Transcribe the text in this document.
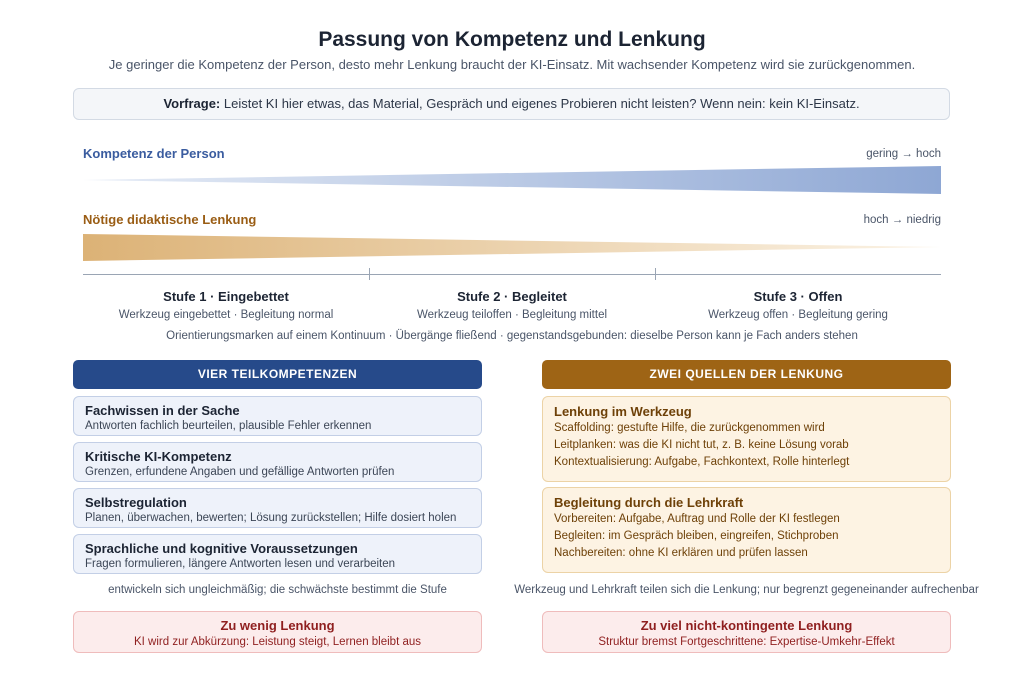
Passung von Kompetenz und Lenkung
Je geringer die Kompetenz der Person, desto mehr Lenkung braucht der KI-Einsatz. Mit wachsender Kompetenz wird sie zurückgenommen.
Vorfrage: Leistet KI hier etwas, das Material, Gespräch und eigenes Probieren nicht leisten? Wenn nein: kein KI-Einsatz.
Kompetenz der Person	gering → hoch
Nötige didaktische Lenkung	hoch → niedrig
Stufe 1 · Eingebettet
Werkzeug eingebettet · Begleitung normal
Stufe 2 · Begleitet
Werkzeug teiloffen · Begleitung mittel
Stufe 3 · Offen
Werkzeug offen · Begleitung gering
Orientierungsmarken auf einem Kontinuum · Übergänge fließend · gegenstandsgebunden: dieselbe Person kann je Fach anders stehen
VIER TEILKOMPETENZEN	ZWEI QUELLEN DER LENKUNG
Fachwissen in der Sache
Antworten fachlich beurteilen, plausible Fehler erkennen
Kritische KI-Kompetenz
Grenzen, erfundene Angaben und gefällige Antworten prüfen
Selbstregulation
Planen, überwachen, bewerten; Lösung zurückstellen; Hilfe dosiert holen
Sprachliche und kognitive Voraussetzungen
Fragen formulieren, längere Antworten lesen und verarbeiten
Lenkung im Werkzeug
Scaffolding: gestufte Hilfe, die zurückgenommen wird
Leitplanken: was die KI nicht tut, z. B. keine Lösung vorab
Kontextualisierung: Aufgabe, Fachkontext, Rolle hinterlegt
Begleitung durch die Lehrkraft
Vorbereiten: Aufgabe, Auftrag und Rolle der KI festlegen
Begleiten: im Gespräch bleiben, eingreifen, Stichproben
Nachbereiten: ohne KI erklären und prüfen lassen
entwickeln sich ungleichmäßig; die schwächste bestimmt die Stufe	Werkzeug und Lehrkraft teilen sich die Lenkung; nur begrenzt gegeneinander aufrechenbar
Zu wenig Lenkung
KI wird zur Abkürzung: Leistung steigt, Lernen bleibt aus
Zu viel nicht-kontingente Lenkung
Struktur bremst Fortgeschrittene: Expertise-Umkehr-Effekt
